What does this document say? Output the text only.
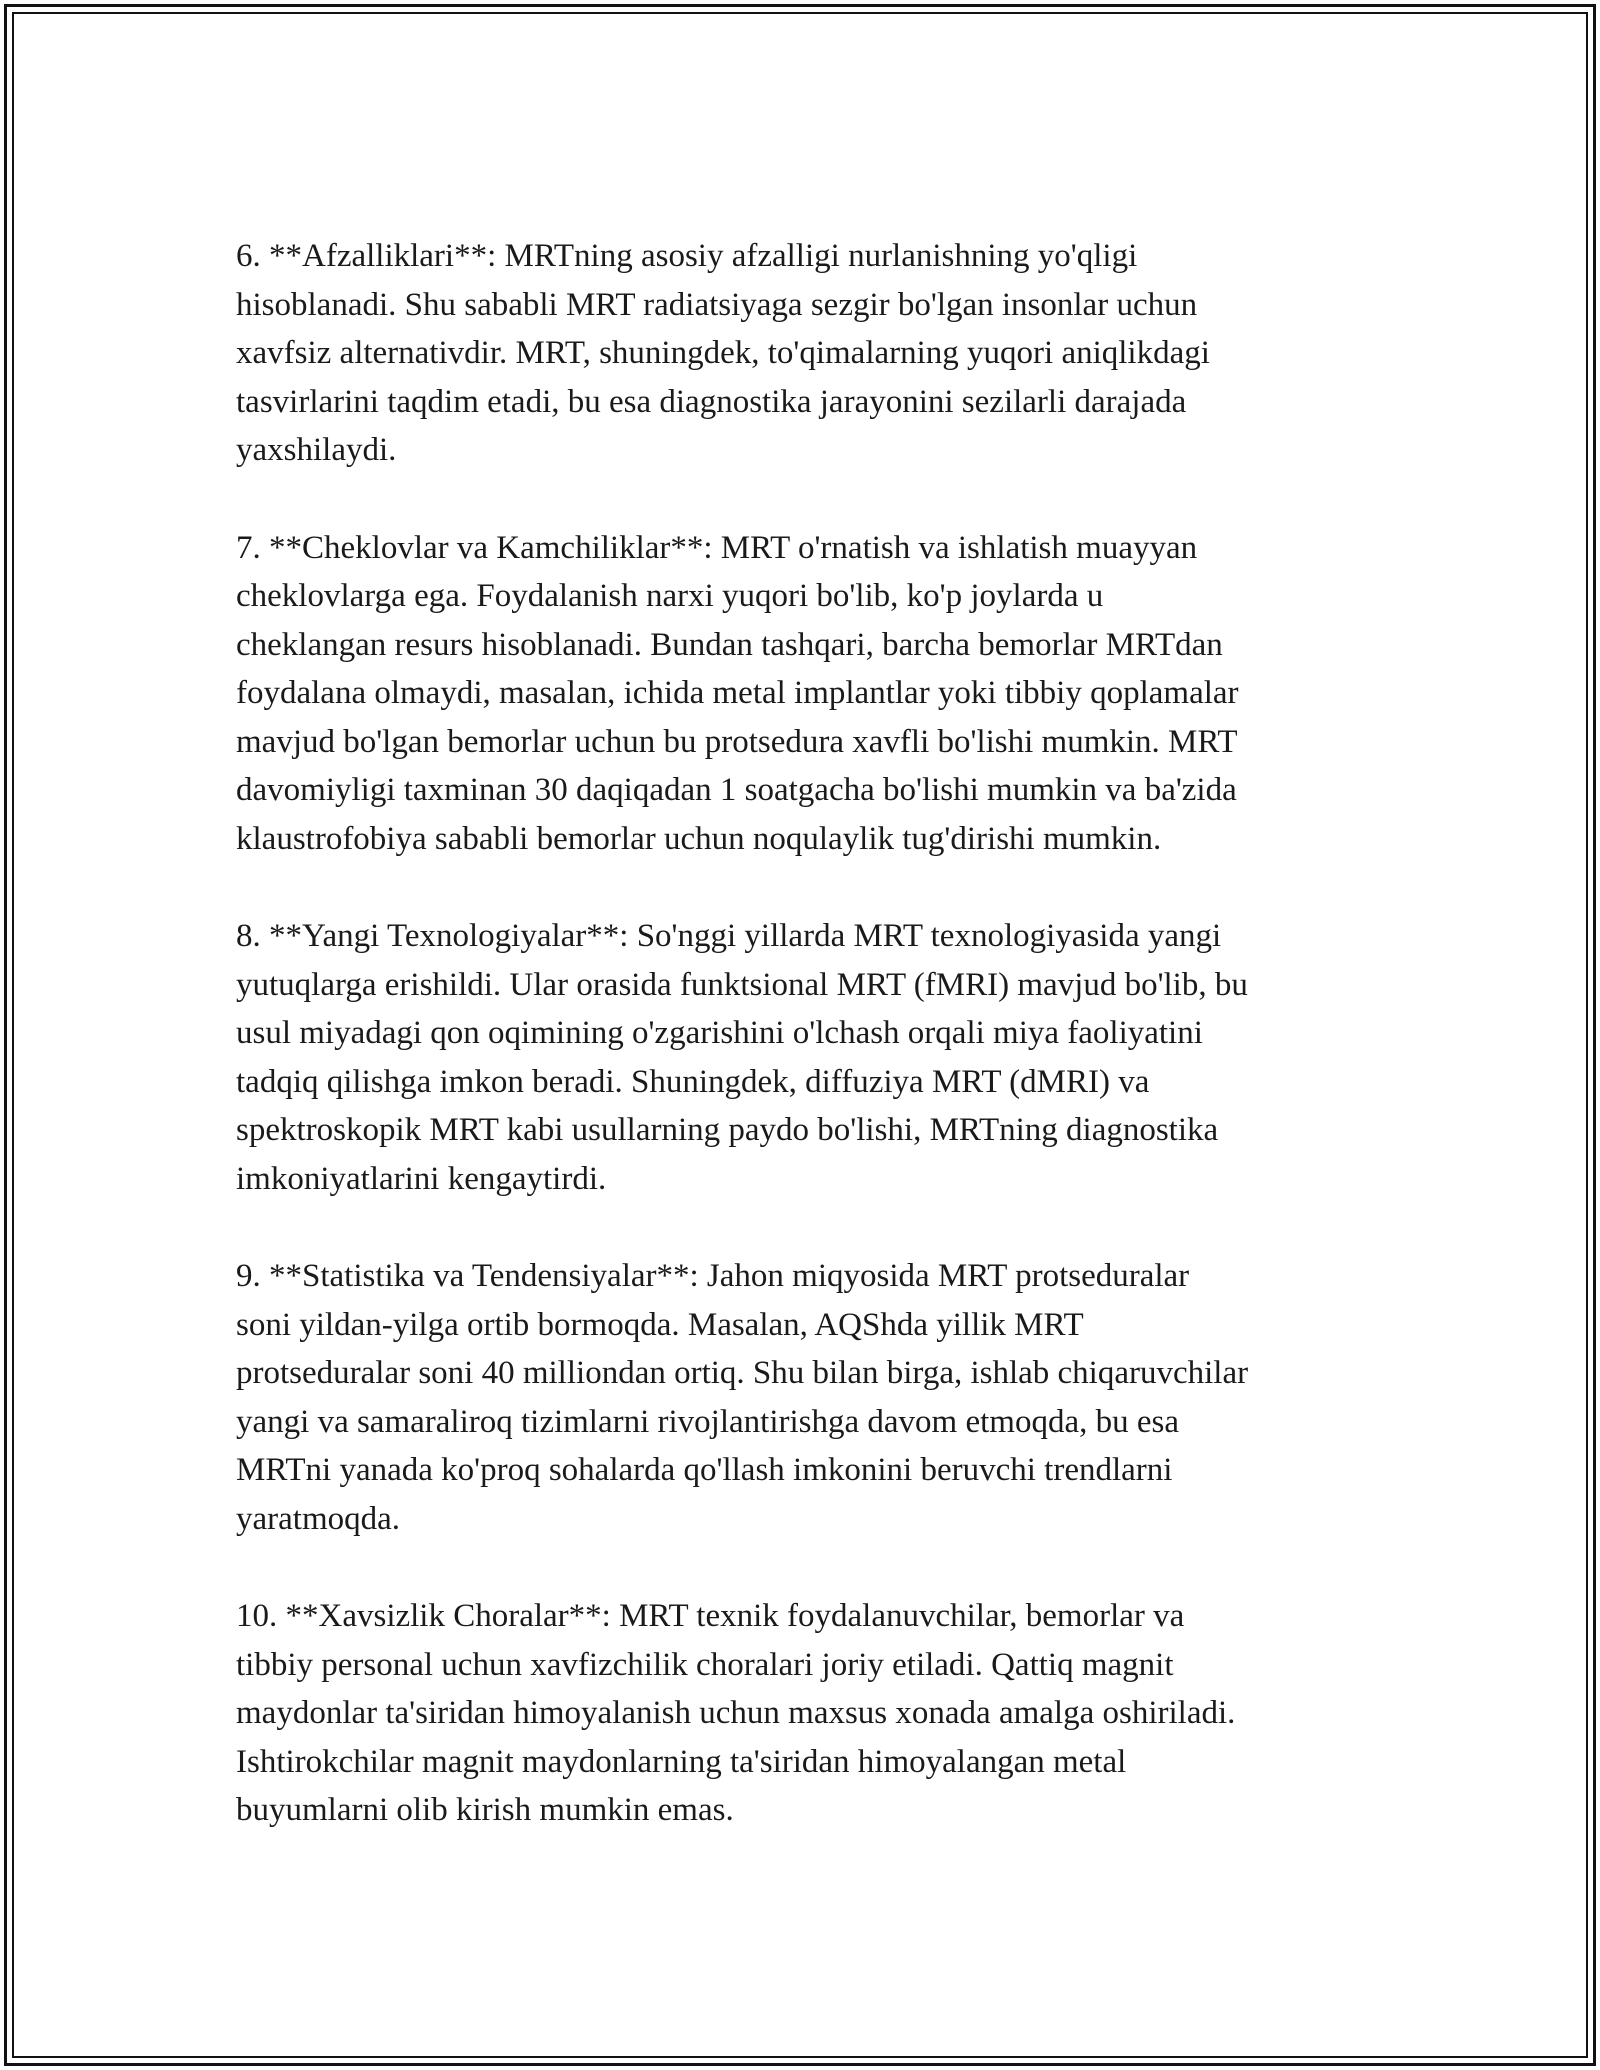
6. **Afzalliklari**: MRTning asosiy afzalligi nurlanishning yo'qligi
hisoblanadi. Shu sababli MRT radiatsiyaga sezgir bo'lgan insonlar uchun
xavfsiz alternativdir. MRT, shuningdek, to'qimalarning yuqori aniqlikdagi
tasvirlarini taqdim etadi, bu esa diagnostika jarayonini sezilarli darajada
yaxshilaydi.

7. **Cheklovlar va Kamchiliklar**: MRT o'rnatish va ishlatish muayyan
cheklovlarga ega. Foydalanish narxi yuqori bo'lib, ko'p joylarda u
cheklangan resurs hisoblanadi. Bundan tashqari, barcha bemorlar MRTdan
foydalana olmaydi, masalan, ichida metal implantlar yoki tibbiy qoplamalar
mavjud bo'lgan bemorlar uchun bu protsedura xavfli bo'lishi mumkin. MRT
davomiyligi taxminan 30 daqiqadan 1 soatgacha bo'lishi mumkin va ba'zida
klaustrofobiya sababli bemorlar uchun noqulaylik tug'dirishi mumkin.

8. **Yangi Texnologiyalar**: So'nggi yillarda MRT texnologiyasida yangi
yutuqlarga erishildi. Ular orasida funktsional MRT (fMRI) mavjud bo'lib, bu
usul miyadagi qon oqimining o'zgarishini o'lchash orqali miya faoliyatini
tadqiq qilishga imkon beradi. Shuningdek, diffuziya MRT (dMRI) va
spektroskopik MRT kabi usullarning paydo bo'lishi, MRTning diagnostika
imkoniyatlarini kengaytirdi.

9. **Statistika va Tendensiyalar**: Jahon miqyosida MRT protseduralar
soni yildan-yilga ortib bormoqda. Masalan, AQShda yillik MRT
protseduralar soni 40 milliondan ortiq. Shu bilan birga, ishlab chiqaruvchilar
yangi va samaraliroq tizimlarni rivojlantirishga davom etmoqda, bu esa
MRTni yanada ko'proq sohalarda qo'llash imkonini beruvchi trendlarni
yaratmoqda.

10. **Xavsizlik Choralar**: MRT texnik foydalanuvchilar, bemorlar va
tibbiy personal uchun xavfizchilik choralari joriy etiladi. Qattiq magnit
maydonlar ta'siridan himoyalanish uchun maxsus xonada amalga oshiriladi.
Ishtirokchilar magnit maydonlarning ta'siridan himoyalangan metal
buyumlarni olib kirish mumkin emas.
